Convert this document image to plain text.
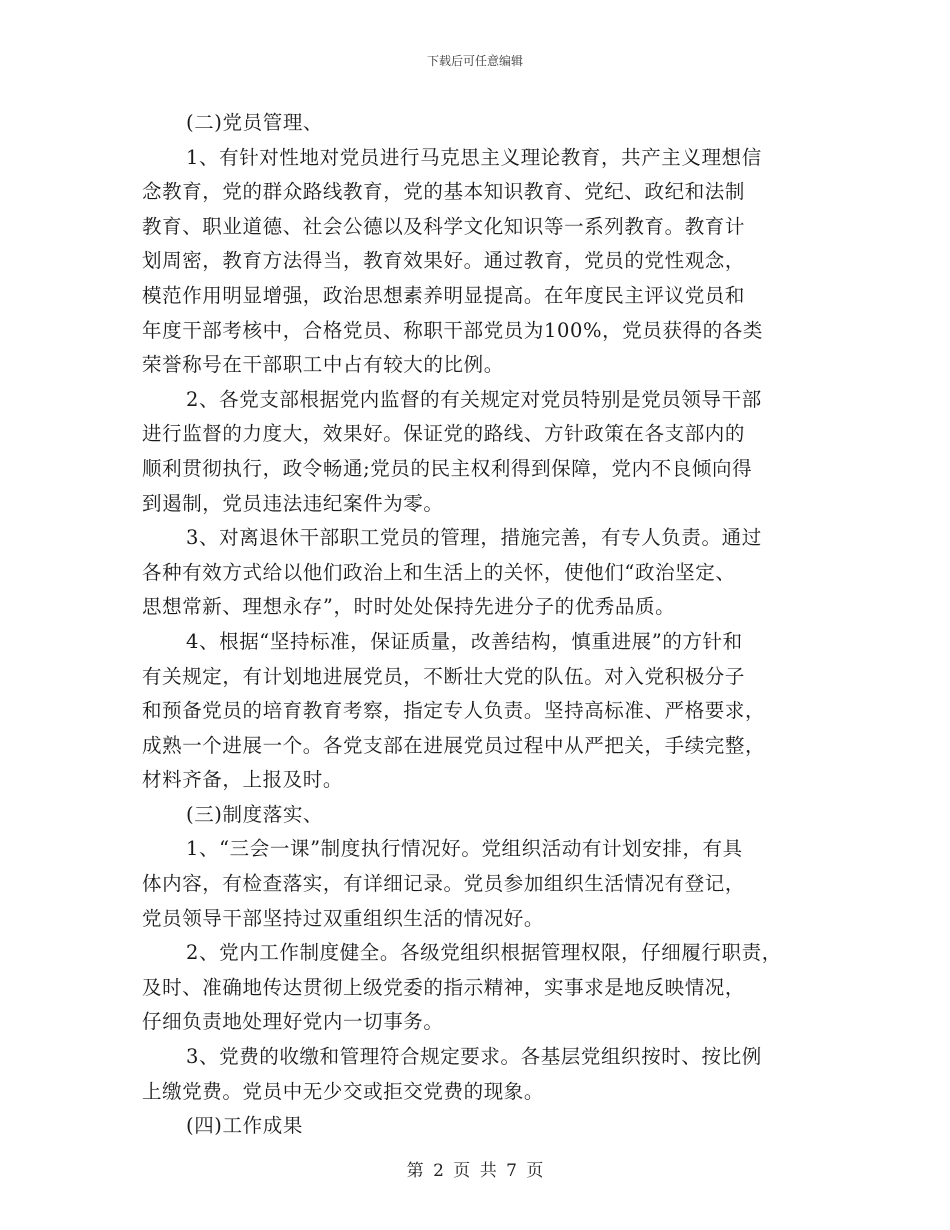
下载后可任意编辑
(二)党员管理、
1、有针对性地对党员进行马克思主义理论教育，共产主义理想信
念教育，党的群众路线教育，党的基本知识教育、党纪、政纪和法制
教育、职业道德、社会公德以及科学文化知识等一系列教育。教育计
划周密，教育方法得当，教育效果好。通过教育，党员的党性观念，
模范作用明显增强，政治思想素养明显提高。在年度民主评议党员和
年度干部考核中，合格党员、称职干部党员为100%，党员获得的各类
荣誉称号在干部职工中占有较大的比例。
2、各党支部根据党内监督的有关规定对党员特别是党员领导干部
进行监督的力度大，效果好。保证党的路线、方针政策在各支部内的
顺利贯彻执行，政令畅通;党员的民主权利得到保障，党内不良倾向得
到遏制，党员违法违纪案件为零。
3、对离退休干部职工党员的管理，措施完善，有专人负责。通过
各种有效方式给以他们政治上和生活上的关怀，使他们“政治坚定、
思想常新、理想永存”，时时处处保持先进分子的优秀品质。
4、根据“坚持标准，保证质量，改善结构，慎重进展”的方针和
有关规定，有计划地进展党员，不断壮大党的队伍。对入党积极分子
和预备党员的培育教育考察，指定专人负责。坚持高标准、严格要求，
成熟一个进展一个。各党支部在进展党员过程中从严把关，手续完整，
材料齐备，上报及时。
(三)制度落实、
1、“三会一课”制度执行情况好。党组织活动有计划安排，有具
体内容，有检查落实，有详细记录。党员参加组织生活情况有登记，
党员领导干部坚持过双重组织生活的情况好。
2、党内工作制度健全。各级党组织根据管理权限，仔细履行职责，
及时、准确地传达贯彻上级党委的指示精神，实事求是地反映情况，
仔细负责地处理好党内一切事务。
3、党费的收缴和管理符合规定要求。各基层党组织按时、按比例
上缴党费。党员中无少交或拒交党费的现象。
(四)工作成果
第 2 页 共 7 页
